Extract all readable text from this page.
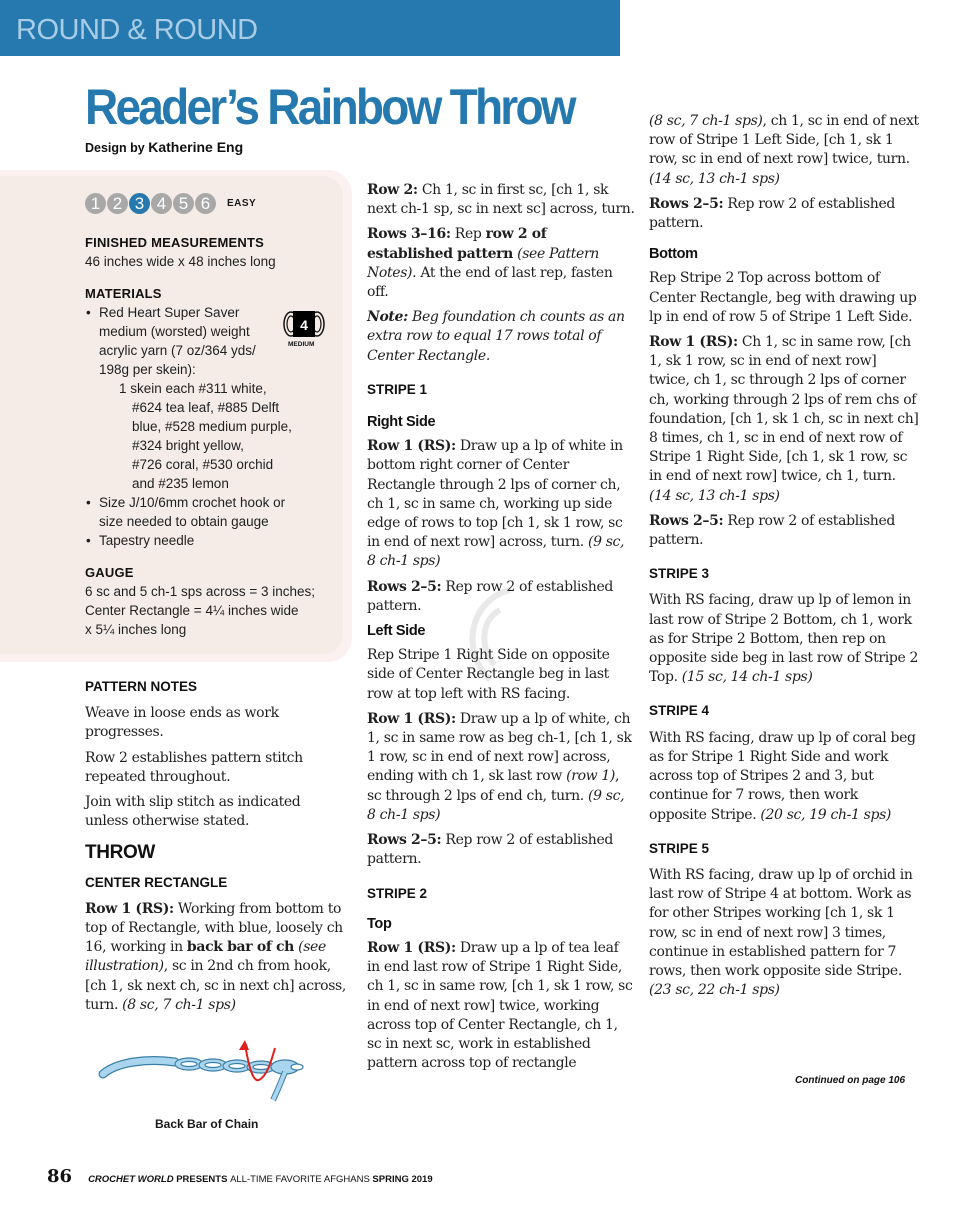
ROUND & ROUND
Reader’s Rainbow Throw
Design by Katherine Eng
1 2 3 4 5 6	EASY
FINISHED MEASUREMENTS
46 inches wide x 48 inches long
MATERIALS
• Red Heart Super Saver
medium (worsted) weight
acrylic yarn (7 oz/364 yds/
198g per skein):
1 skein each #311 white,
#624 tea leaf, #885 Delft
blue, #528 medium purple,
#324 bright yellow,
#726 coral, #530 orchid
and #235 lemon
• Size J/10/6mm crochet hook or
size needed to obtain gauge
• Tapestry needle
4
MEDIUM
GAUGE
6 sc and 5 ch-1 sps across = 3 inches;
Center Rectangle = 4¼ inches wide
x 5¼ inches long
PATTERN NOTES

Weave in loose ends as work progresses.

Row 2 establishes pattern stitch repeated throughout.

Join with slip stitch as indicated unless otherwise stated.

THROW
CENTER RECTANGLE

Row 1 (RS): Working from bottom to top of Rectangle, with blue, loosely ch 16, working in back bar of ch (see illustration), sc in 2nd ch from hook, [ch 1, sk next ch, sc in next ch] across, turn. (8 sc, 7 ch-1 sps)

Back Bar of Chain

Row 2: Ch 1, sc in first sc, [ch 1, sk next ch-1 sp, sc in next sc] across, turn.

Rows 3–16: Rep row 2 of established pattern (see Pattern Notes). At the end of last rep, fasten off.

Note: Beg foundation ch counts as an extra row to equal 17 rows total of Center Rectangle.

STRIPE 1
Right Side

Row 1 (RS): Draw up a lp of white in bottom right corner of Center Rectangle through 2 lps of corner ch, ch 1, sc in same ch, working up side edge of rows to top [ch 1, sk 1 row, sc in end of next row] across, turn. (9 sc, 8 ch-1 sps)

Rows 2–5: Rep row 2 of established pattern.

Left Side

Rep Stripe 1 Right Side on opposite side of Center Rectangle beg in last row at top left with RS facing.

Row 1 (RS): Draw up a lp of white, ch 1, sc in same row as beg ch-1, [ch 1, sk 1 row, sc in end of next row] across, ending with ch 1, sk last row (row 1), sc through 2 lps of end ch, turn. (9 sc, 8 ch-1 sps)

Rows 2–5: Rep row 2 of established pattern.

STRIPE 2
Top

Row 1 (RS): Draw up a lp of tea leaf in end last row of Stripe 1 Right Side, ch 1, sc in same row, [ch 1, sk 1 row, sc in end of next row] twice, working across top of Center Rectangle, ch 1, sc in next sc, work in established pattern across top of rectangle

(8 sc, 7 ch-1 sps), ch 1, sc in end of next row of Stripe 1 Left Side, [ch 1, sk 1 row, sc in end of next row] twice, turn. (14 sc, 13 ch-1 sps)

Rows 2–5: Rep row 2 of established pattern.

Bottom

Rep Stripe 2 Top across bottom of Center Rectangle, beg with drawing up lp in end of row 5 of Stripe 1 Left Side.

Row 1 (RS): Ch 1, sc in same row, [ch 1, sk 1 row, sc in end of next row] twice, ch 1, sc through 2 lps of corner ch, working through 2 lps of rem chs of foundation, [ch 1, sk 1 ch, sc in next ch] 8 times, ch 1, sc in end of next row of Stripe 1 Right Side, [ch 1, sk 1 row, sc in end of next row] twice, ch 1, turn. (14 sc, 13 ch-1 sps)

Rows 2–5: Rep row 2 of established pattern.

STRIPE 3

With RS facing, draw up lp of lemon in last row of Stripe 2 Bottom, ch 1, work as for Stripe 2 Bottom, then rep on opposite side beg in last row of Stripe 2 Top. (15 sc, 14 ch-1 sps)

STRIPE 4

With RS facing, draw up lp of coral beg as for Stripe 1 Right Side and work across top of Stripes 2 and 3, but continue for 7 rows, then work opposite Stripe. (20 sc, 19 ch-1 sps)

STRIPE 5

With RS facing, draw up lp of orchid in last row of Stripe 4 at bottom. Work as for other Stripes working [ch 1, sk 1 row, sc in end of next row] 3 times, continue in established pattern for 7 rows, then work opposite side Stripe. (23 sc, 22 ch-1 sps)

Continued on page 106
86 CROCHET WORLD PRESENTS ALL-TIME FAVORITE AFGHANS SPRING 2019
